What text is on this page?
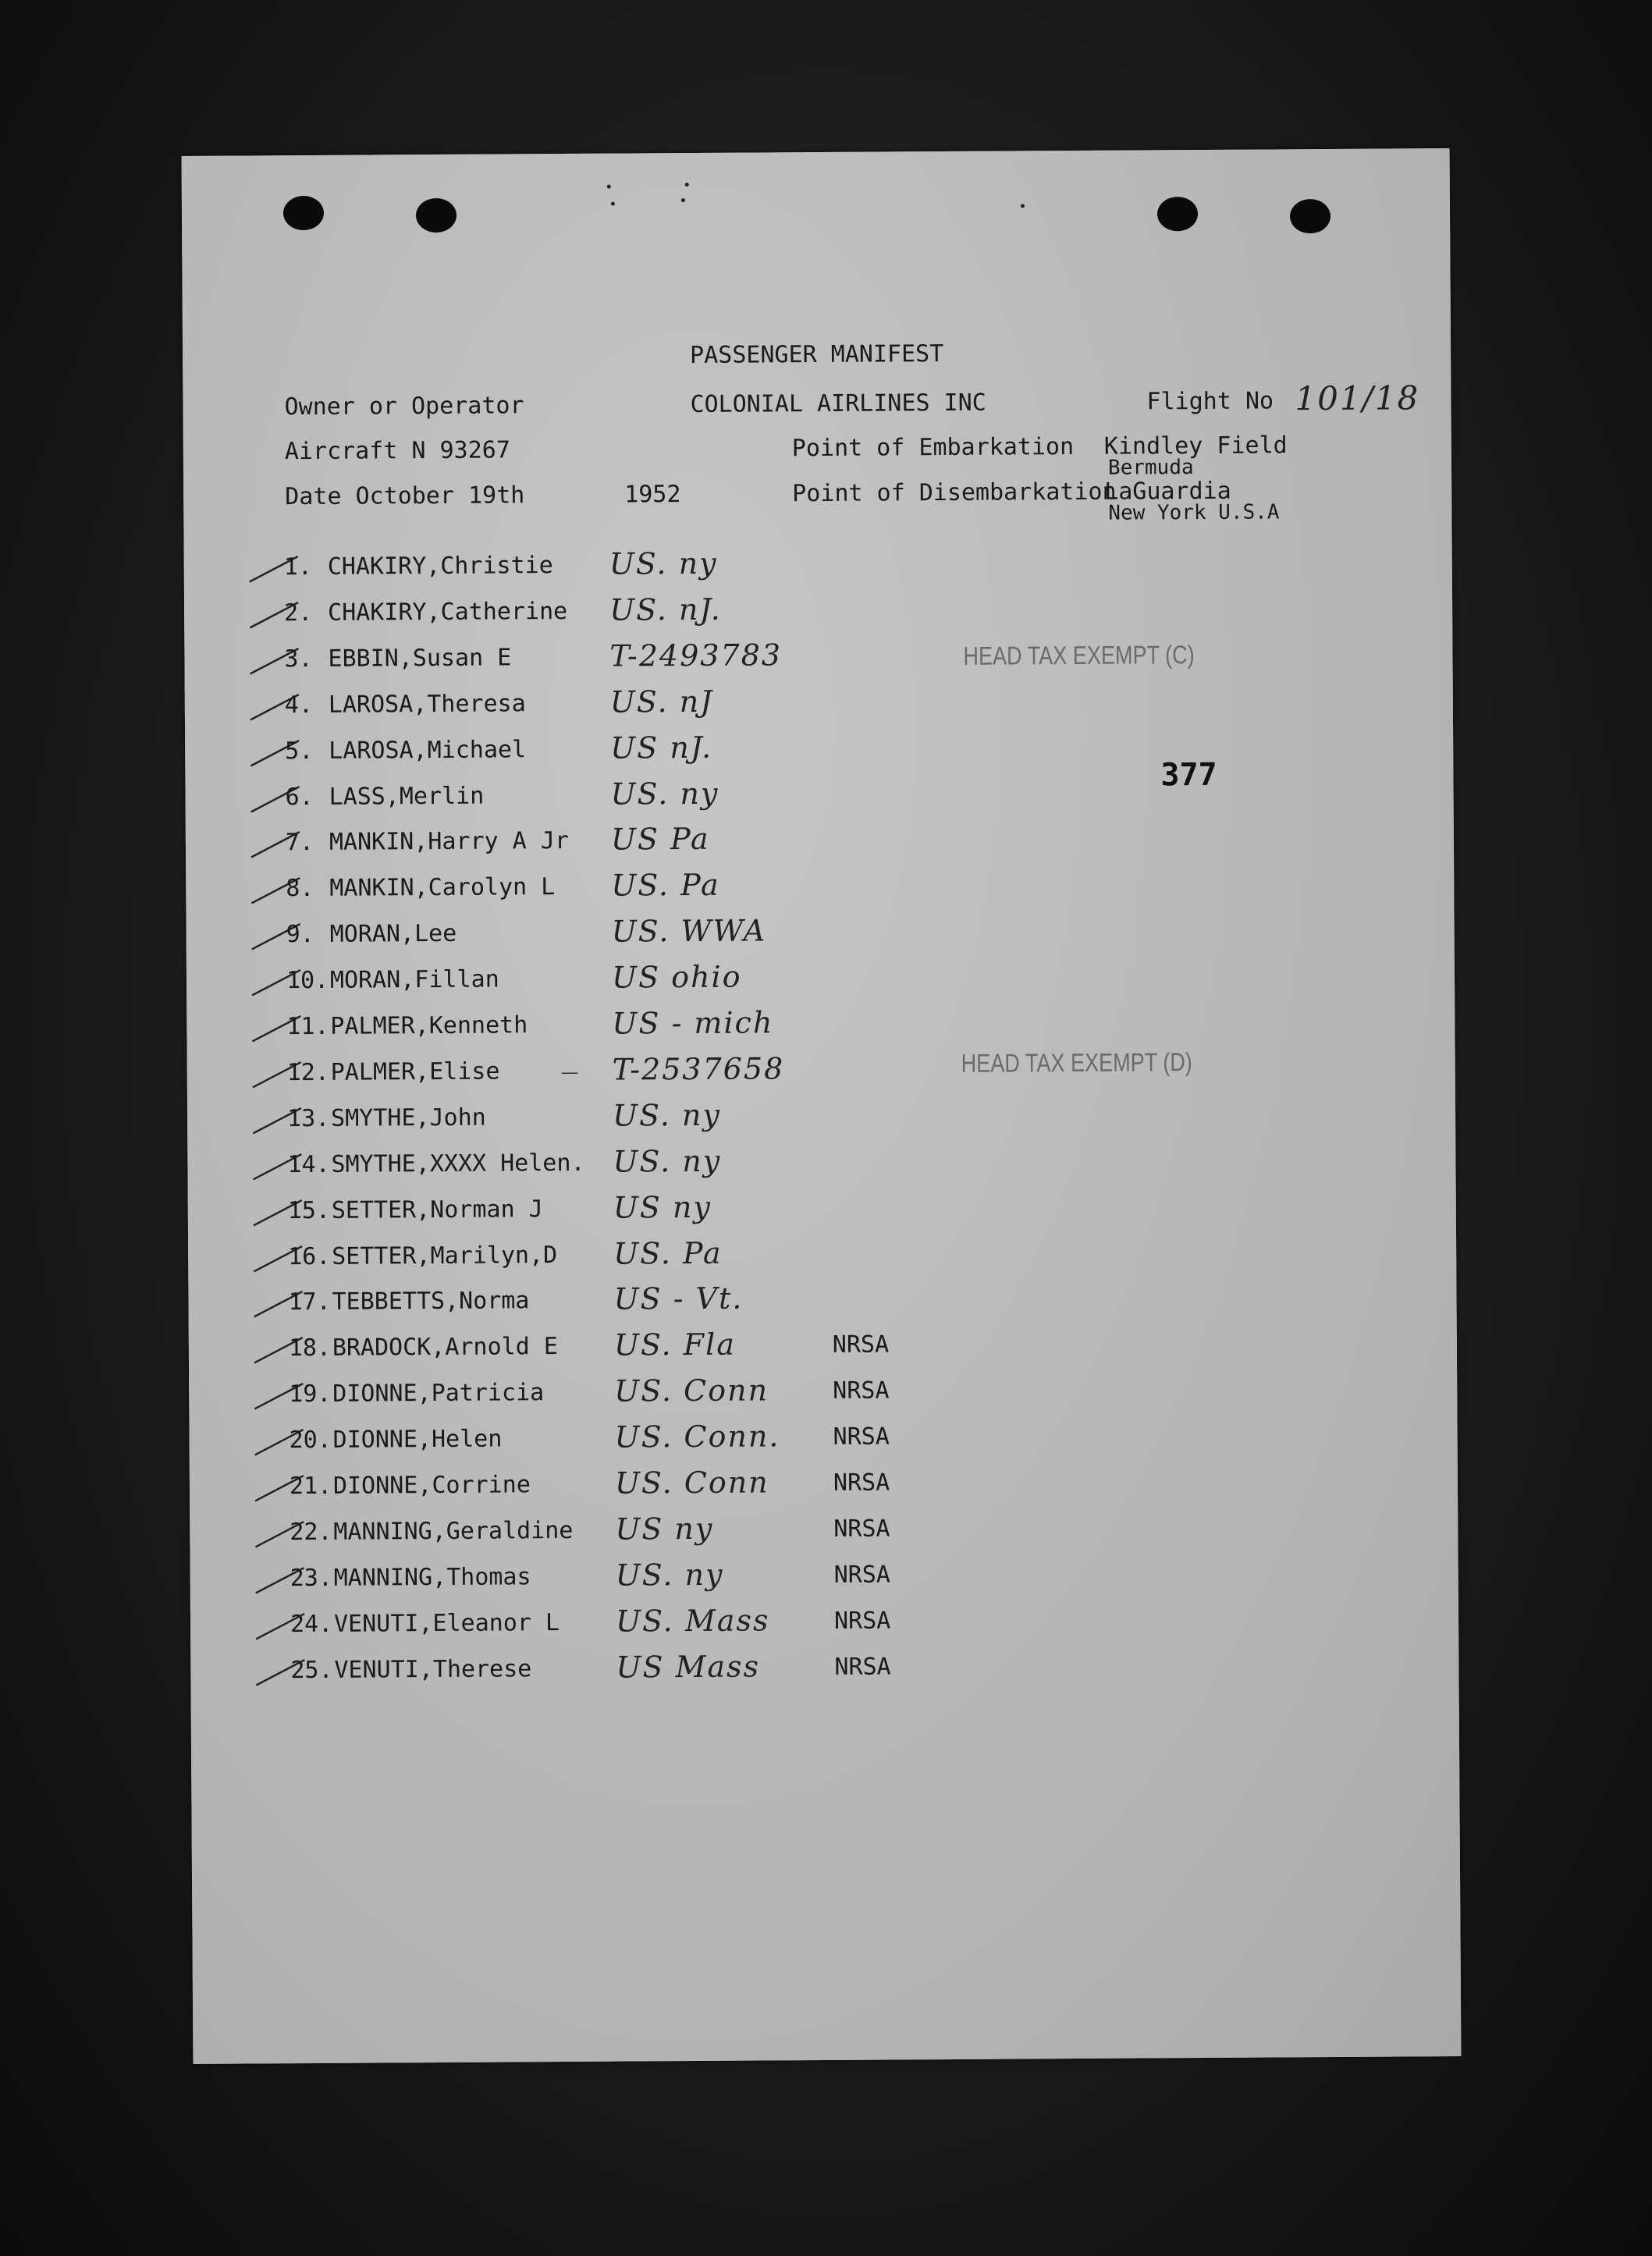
PASSENGER MANIFEST
Owner or Operator	COLONIAL AIRLINES INC	Flight No 101/18
Aircraft N 93267	Point of Embarkation Kindley Field
Bermuda
Date October 19th	1952	Point of Disembarkation
LaGuardia
New York U.S.A
HEAD TAX EXEMPT (C)
HEAD TAX EXEMPT (D)
377
_
1. CHAKIRY,Christie US. ny
2. CHAKIRY,Catherine US. nJ.
3. EBBIN,Susan E	T-2493783
4. LAROSA,Theresa	US. nJ
5. LAROSA,Michael	US nJ.
6. LASS,Merlin	US. ny
7. MANKIN,Harry A Jr US Pa
8. MANKIN,Carolyn L US. Pa
9. MORAN,Lee	US. WWA
10. MORAN,Fillan	US ohio
11. PALMER,Kenneth	US - mich
12. PALMER,Elise	T-2537658
13. SMYTHE,John	US. ny
14. SMYTHE,XXXX Helen. US. ny
15. SETTER,Norman J US ny
16. SETTER,Marilyn,D US. Pa
17. TEBBETTS,Norma	US - Vt.
18. BRADOCK,Arnold E US. Fla	NRSA
19. DIONNE,Patricia US. Conn	NRSA
20. DIONNE,Helen	US. Conn. NRSA
21. DIONNE,Corrine	US. Conn	NRSA
22. MANNING,Geraldine US ny	NRSA
23. MANNING,Thomas	US. ny	NRSA
24. VENUTI,Eleanor L US. Mass	NRSA
25. VENUTI,Therese	US Mass	NRSA
